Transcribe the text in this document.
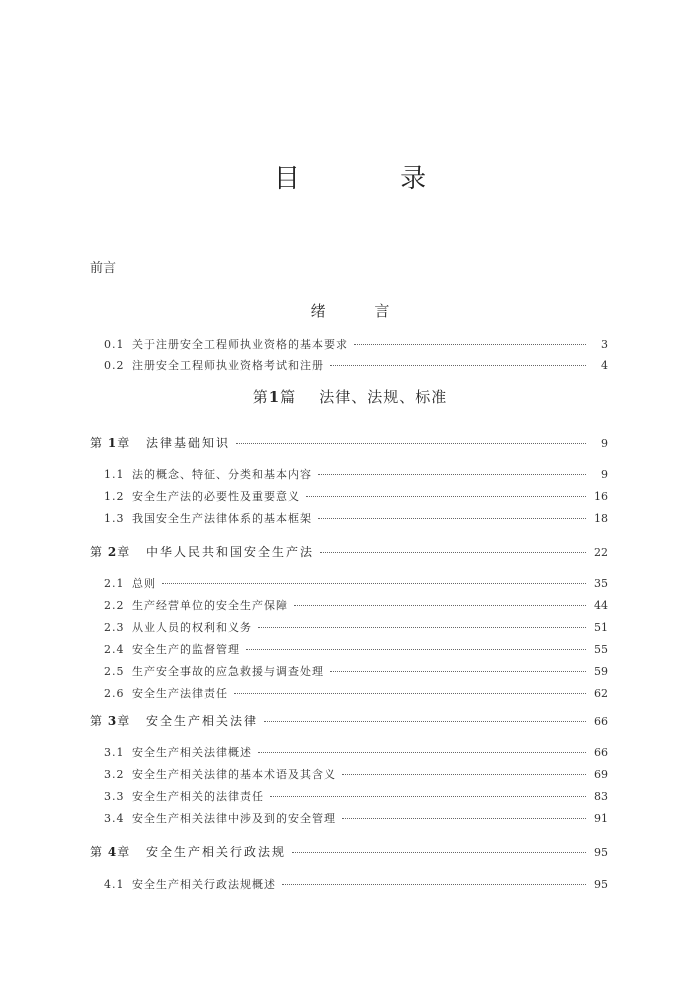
目 录
前言
绪 言
0.1 关于注册安全工程师执业资格的基本要求	3
0.2 注册安全工程师执业资格考试和注册	4
第1篇 法律、法规、标准
第 1章	法律基础知识	9
1.1 法的概念、特征、分类和基本内容	9
1.2 安全生产法的必要性及重要意义	16
1.3 我国安全生产法律体系的基本框架	18
第 2章	中华人民共和国安全生产法	22
2.1 总则	35
2.2 生产经营单位的安全生产保障	44
2.3 从业人员的权利和义务	51
2.4 安全生产的监督管理	55
2.5 生产安全事故的应急救援与调查处理	59
2.6 安全生产法律责任	62
第 3章	安全生产相关法律	66
3.1 安全生产相关法律概述	66
3.2 安全生产相关法律的基本术语及其含义	69
3.3 安全生产相关的法律责任	83
3.4 安全生产相关法律中涉及到的安全管理	91
第 4章	安全生产相关行政法规	95
4.1 安全生产相关行政法规概述	95
